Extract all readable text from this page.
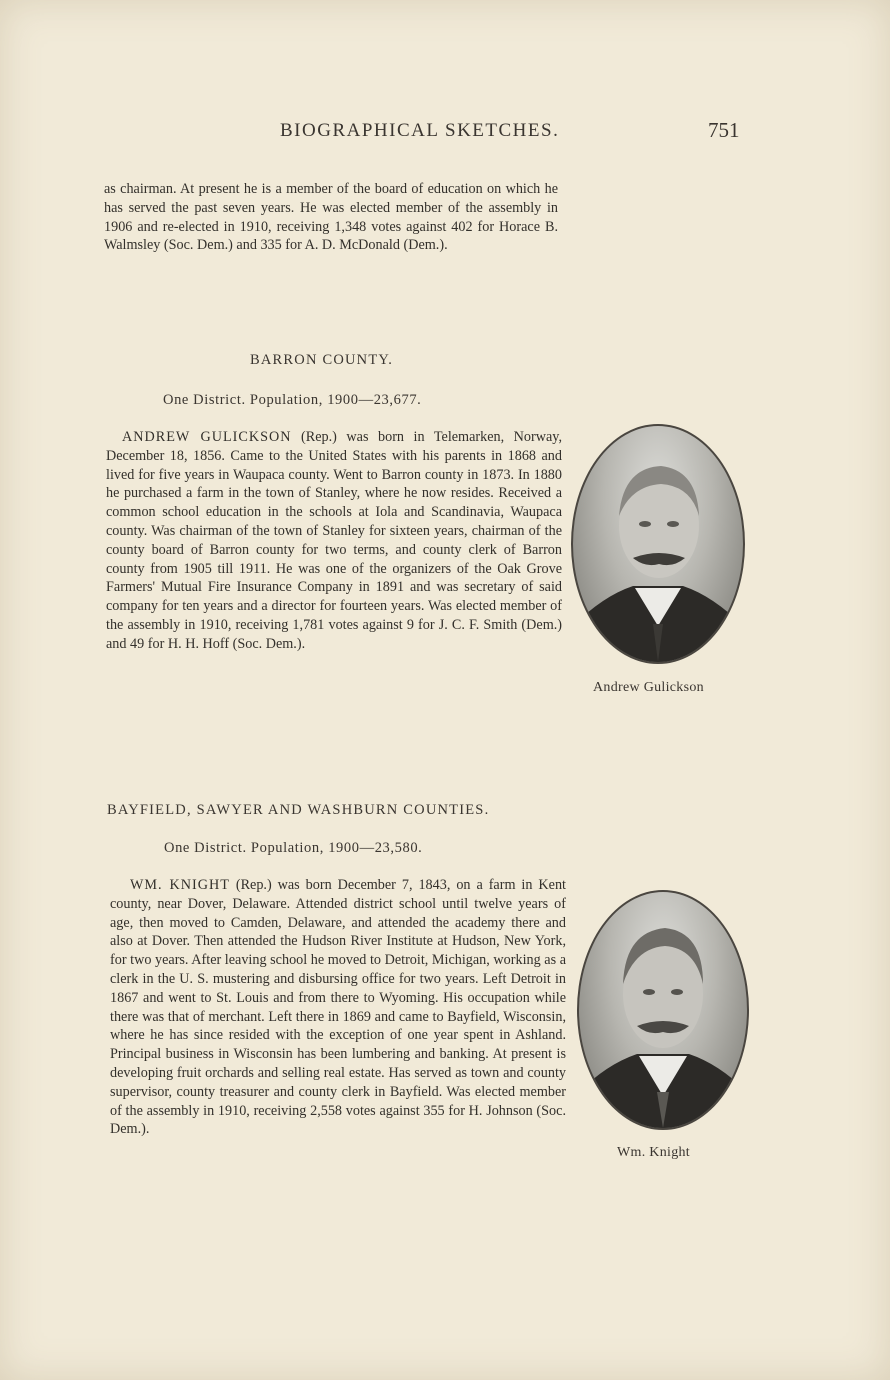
BIOGRAPHICAL SKETCHES.	751
as chairman. At present he is a member of the board of education on which he has served the past seven years. He was elected member of the assembly in 1906 and re-elected in 1910, receiving 1,348 votes against 402 for Horace B. Walmsley (Soc. Dem.) and 335 for A. D. McDonald (Dem.).
BARRON COUNTY.
One District. Population, 1900—23,677.
ANDREW GULICKSON (Rep.) was born in Telemarken, Norway, December 18, 1856. Came to the United States with his parents in 1868 and lived for five years in Waupaca county. Went to Barron county in 1873. In 1880 he purchased a farm in the town of Stanley, where he now resides. Received a common school education in the schools at Iola and Scandinavia, Waupaca county. Was chairman of the town of Stanley for sixteen years, chairman of the county board of Barron county for two terms, and county clerk of Barron county from 1905 till 1911. He was one of the organizers of the Oak Grove Farmers' Mutual Fire Insurance Company in 1891 and was secretary of said company for ten years and a director for fourteen years. Was elected member of the assembly in 1910, receiving 1,781 votes against 9 for J. C. F. Smith (Dem.) and 49 for H. H. Hoff (Soc. Dem.).
Andrew Gulickson
BAYFIELD, SAWYER AND WASHBURN COUNTIES.
One District. Population, 1900—23,580.
WM. KNIGHT (Rep.) was born December 7, 1843, on a farm in Kent county, near Dover, Delaware. Attended district school until twelve years of age, then moved to Camden, Delaware, and attended the academy there and also at Dover. Then attended the Hudson River Institute at Hudson, New York, for two years. After leaving school he moved to Detroit, Michigan, working as a clerk in the U. S. mustering and disbursing office for two years. Left Detroit in 1867 and went to St. Louis and from there to Wyoming. His occupation while there was that of merchant. Left there in 1869 and came to Bayfield, Wisconsin, where he has since resided with the exception of one year spent in Ashland. Principal business in Wisconsin has been lumbering and banking. At present is developing fruit orchards and selling real estate. Has served as town and county supervisor, county treasurer and county clerk in Bayfield. Was elected member of the assembly in 1910, receiving 2,558 votes against 355 for H. Johnson (Soc. Dem.).
Wm. Knight
